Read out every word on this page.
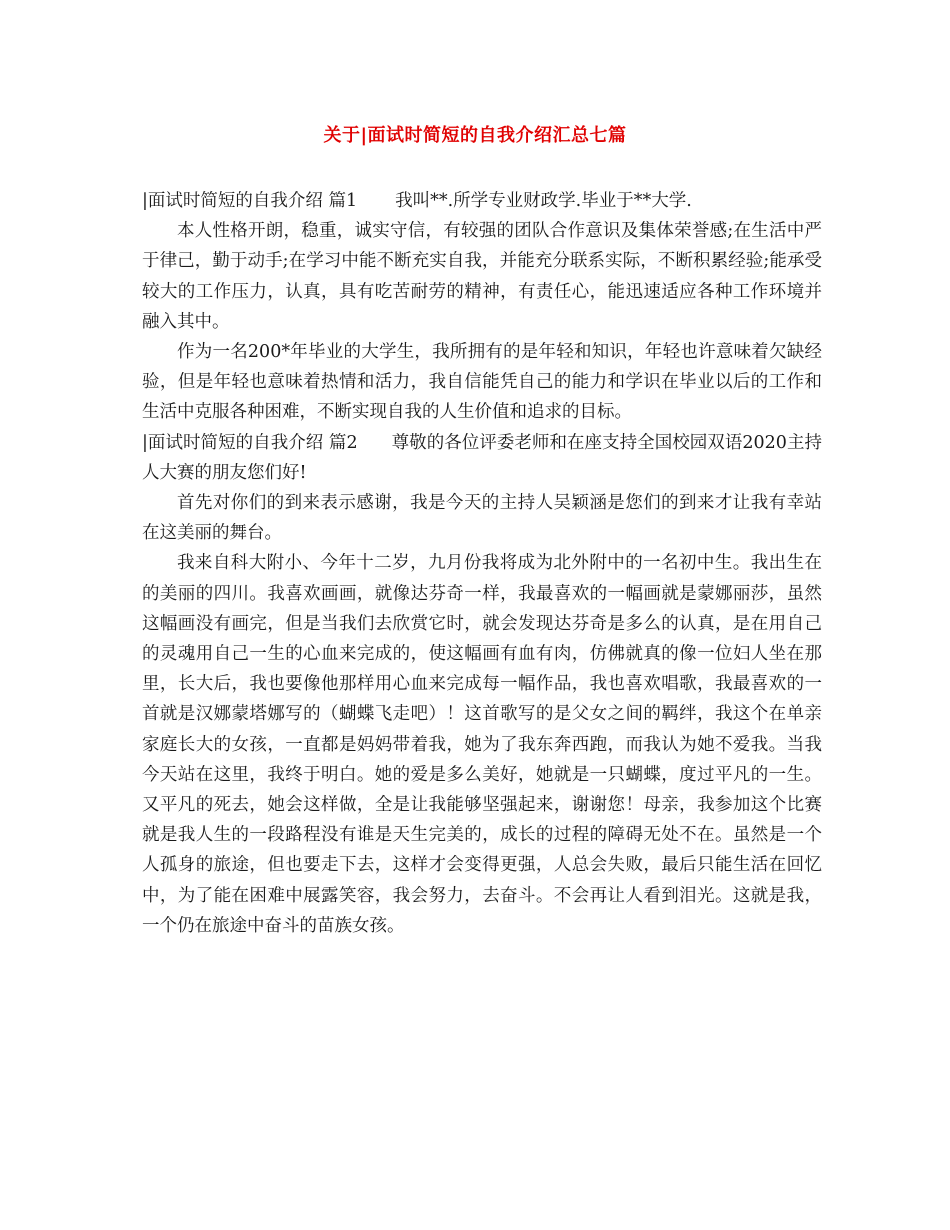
关于|面试时简短的自我介绍汇总七篇

|面试时简短的自我介绍 篇1 我叫**.所学专业财政学.毕业于**大学.

本人性格开朗，稳重，诚实守信，有较强的团队合作意识及集体荣誉感;在生活中严于律己，勤于动手;在学习中能不断充实自我，并能充分联系实际，不断积累经验;能承受较大的工作压力，认真，具有吃苦耐劳的精神，有责任心，能迅速适应各种工作环境并融入其中。

作为一名200*年毕业的大学生，我所拥有的是年轻和知识，年轻也许意味着欠缺经验，但是年轻也意味着热情和活力，我自信能凭自己的能力和学识在毕业以后的工作和生活中克服各种困难，不断实现自我的人生价值和追求的目标。

|面试时简短的自我介绍 篇2 尊敬的各位评委老师和在座支持全国校园双语2020主持人大赛的朋友您们好!

首先对你们的到来表示感谢，我是今天的主持人吴颖涵是您们的到来才让我有幸站在这美丽的舞台。

我来自科大附小、今年十二岁，九月份我将成为北外附中的一名初中生。我出生在的美丽的四川。我喜欢画画，就像达芬奇一样，我最喜欢的一幅画就是蒙娜丽莎，虽然这幅画没有画完，但是当我们去欣赏它时，就会发现达芬奇是多么的认真，是在用自己的灵魂用自己一生的心血来完成的，使这幅画有血有肉，仿佛就真的像一位妇人坐在那里，长大后，我也要像他那样用心血来完成每一幅作品，我也喜欢唱歌，我最喜欢的一首就是汉娜蒙塔娜写的（蝴蝶飞走吧）！这首歌写的是父女之间的羁绊，我这个在单亲家庭长大的女孩，一直都是妈妈带着我，她为了我东奔西跑，而我认为她不爱我。当我今天站在这里，我终于明白。她的爱是多么美好，她就是一只蝴蝶，度过平凡的一生。又平凡的死去，她会这样做，全是让我能够坚强起来，谢谢您！母亲，我参加这个比赛就是我人生的一段路程没有谁是天生完美的，成长的过程的障碍无处不在。虽然是一个人孤身的旅途，但也要走下去，这样才会变得更强，人总会失败，最后只能生活在回忆中，为了能在困难中展露笑容，我会努力，去奋斗。不会再让人看到泪光。这就是我，一个仍在旅途中奋斗的苗族女孩。
